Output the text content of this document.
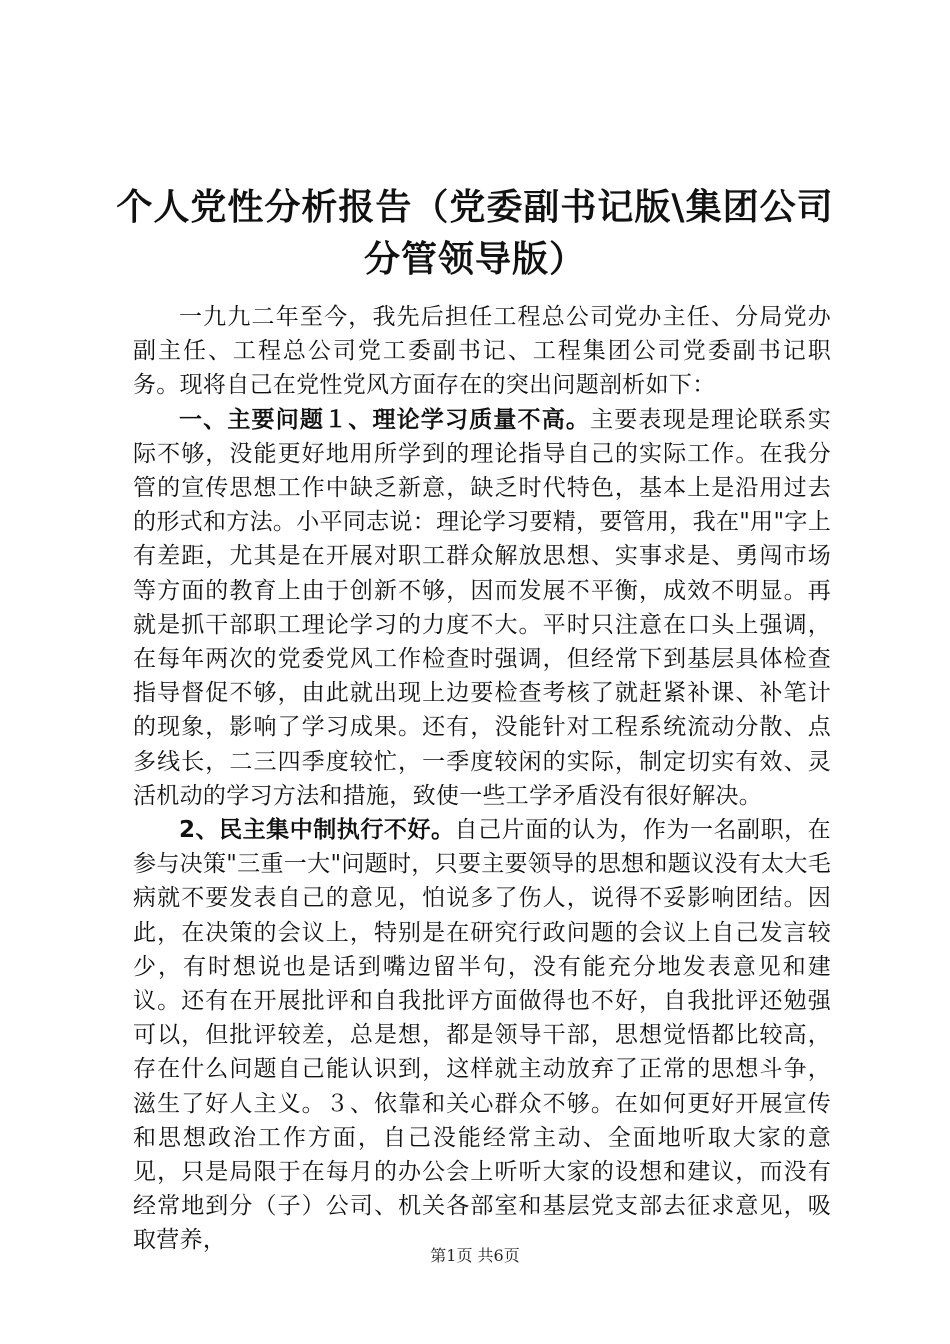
个人党性分析报告（党委副书记版\集团公司
分管领导版）

一九九二年至今，我先后担任工程总公司党办主任、分局党办副主任、工程总公司党工委副书记、工程集团公司党委副书记职务。现将自己在党性党风方面存在的突出问题剖析如下：

一、主要问题１、理论学习质量不高。主要表现是理论联系实际不够，没能更好地用所学到的理论指导自己的实际工作。在我分管的宣传思想工作中缺乏新意，缺乏时代特色，基本上是沿用过去的形式和方法。小平同志说：理论学习要精，要管用，我在"用"字上有差距，尤其是在开展对职工群众解放思想、实事求是、勇闯市场等方面的教育上由于创新不够，因而发展不平衡，成效不明显。再就是抓干部职工理论学习的力度不大。平时只注意在口头上强调，在每年两次的党委党风工作检查时强调，但经常下到基层具体检查指导督促不够，由此就出现上边要检查考核了就赶紧补课、补笔计的现象，影响了学习成果。还有，没能针对工程系统流动分散、点多线长，二三四季度较忙，一季度较闲的实际，制定切实有效、灵活机动的学习方法和措施，致使一些工学矛盾没有很好解决。

2、民主集中制执行不好。自己片面的认为，作为一名副职，在参与决策"三重一大"问题时，只要主要领导的思想和题议没有太大毛病就不要发表自己的意见，怕说多了伤人，说得不妥影响团结。因此，在决策的会议上，特别是在研究行政问题的会议上自己发言较少，有时想说也是话到嘴边留半句，没有能充分地发表意见和建议。还有在开展批评和自我批评方面做得也不好，自我批评还勉强可以，但批评较差，总是想，都是领导干部，思想觉悟都比较高，存在什么问题自己能认识到，这样就主动放弃了正常的思想斗争，滋生了好人主义。３、依靠和关心群众不够。在如何更好开展宣传和思想政治工作方面，自己没能经常主动、全面地听取大家的意见，只是局限于在每月的办公会上听听大家的设想和建议，而没有经常地到分（子）公司、机关各部室和基层党支部去征求意见，吸取营养，

第1页 共6页
